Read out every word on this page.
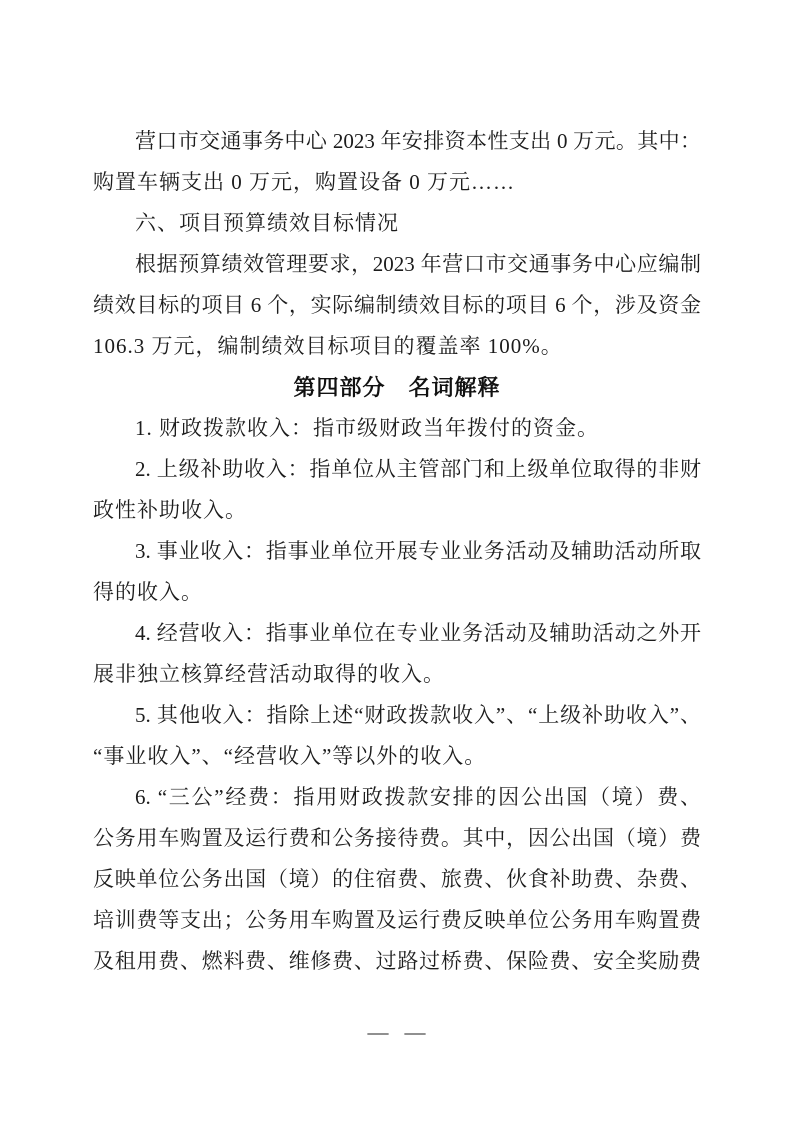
营口市交通事务中心 2023 年安排资本性支出 0 万元。其中：
购置车辆支出 0 万元，购置设备 0 万元……
六、项目预算绩效目标情况
根据预算绩效管理要求，2023 年营口市交通事务中心应编制
绩效目标的项目 6 个，实际编制绩效目标的项目 6 个，涉及资金
106.3 万元，编制绩效目标项目的覆盖率 100%。
第四部分　名词解释
1. 财政拨款收入：指市级财政当年拨付的资金。
2. 上级补助收入：指单位从主管部门和上级单位取得的非财
政性补助收入。
3. 事业收入：指事业单位开展专业业务活动及辅助活动所取
得的收入。
4. 经营收入：指事业单位在专业业务活动及辅助活动之外开
展非独立核算经营活动取得的收入。
5. 其他收入：指除上述“财政拨款收入”、“上级补助收入”、
“事业收入”、“经营收入”等以外的收入。
6. “三公”经费：指用财政拨款安排的因公出国（境）费、
公务用车购置及运行费和公务接待费。其中，因公出国（境）费
反映单位公务出国（境）的住宿费、旅费、伙食补助费、杂费、
培训费等支出；公务用车购置及运行费反映单位公务用车购置费
及租用费、燃料费、维修费、过路过桥费、保险费、安全奖励费
— —
